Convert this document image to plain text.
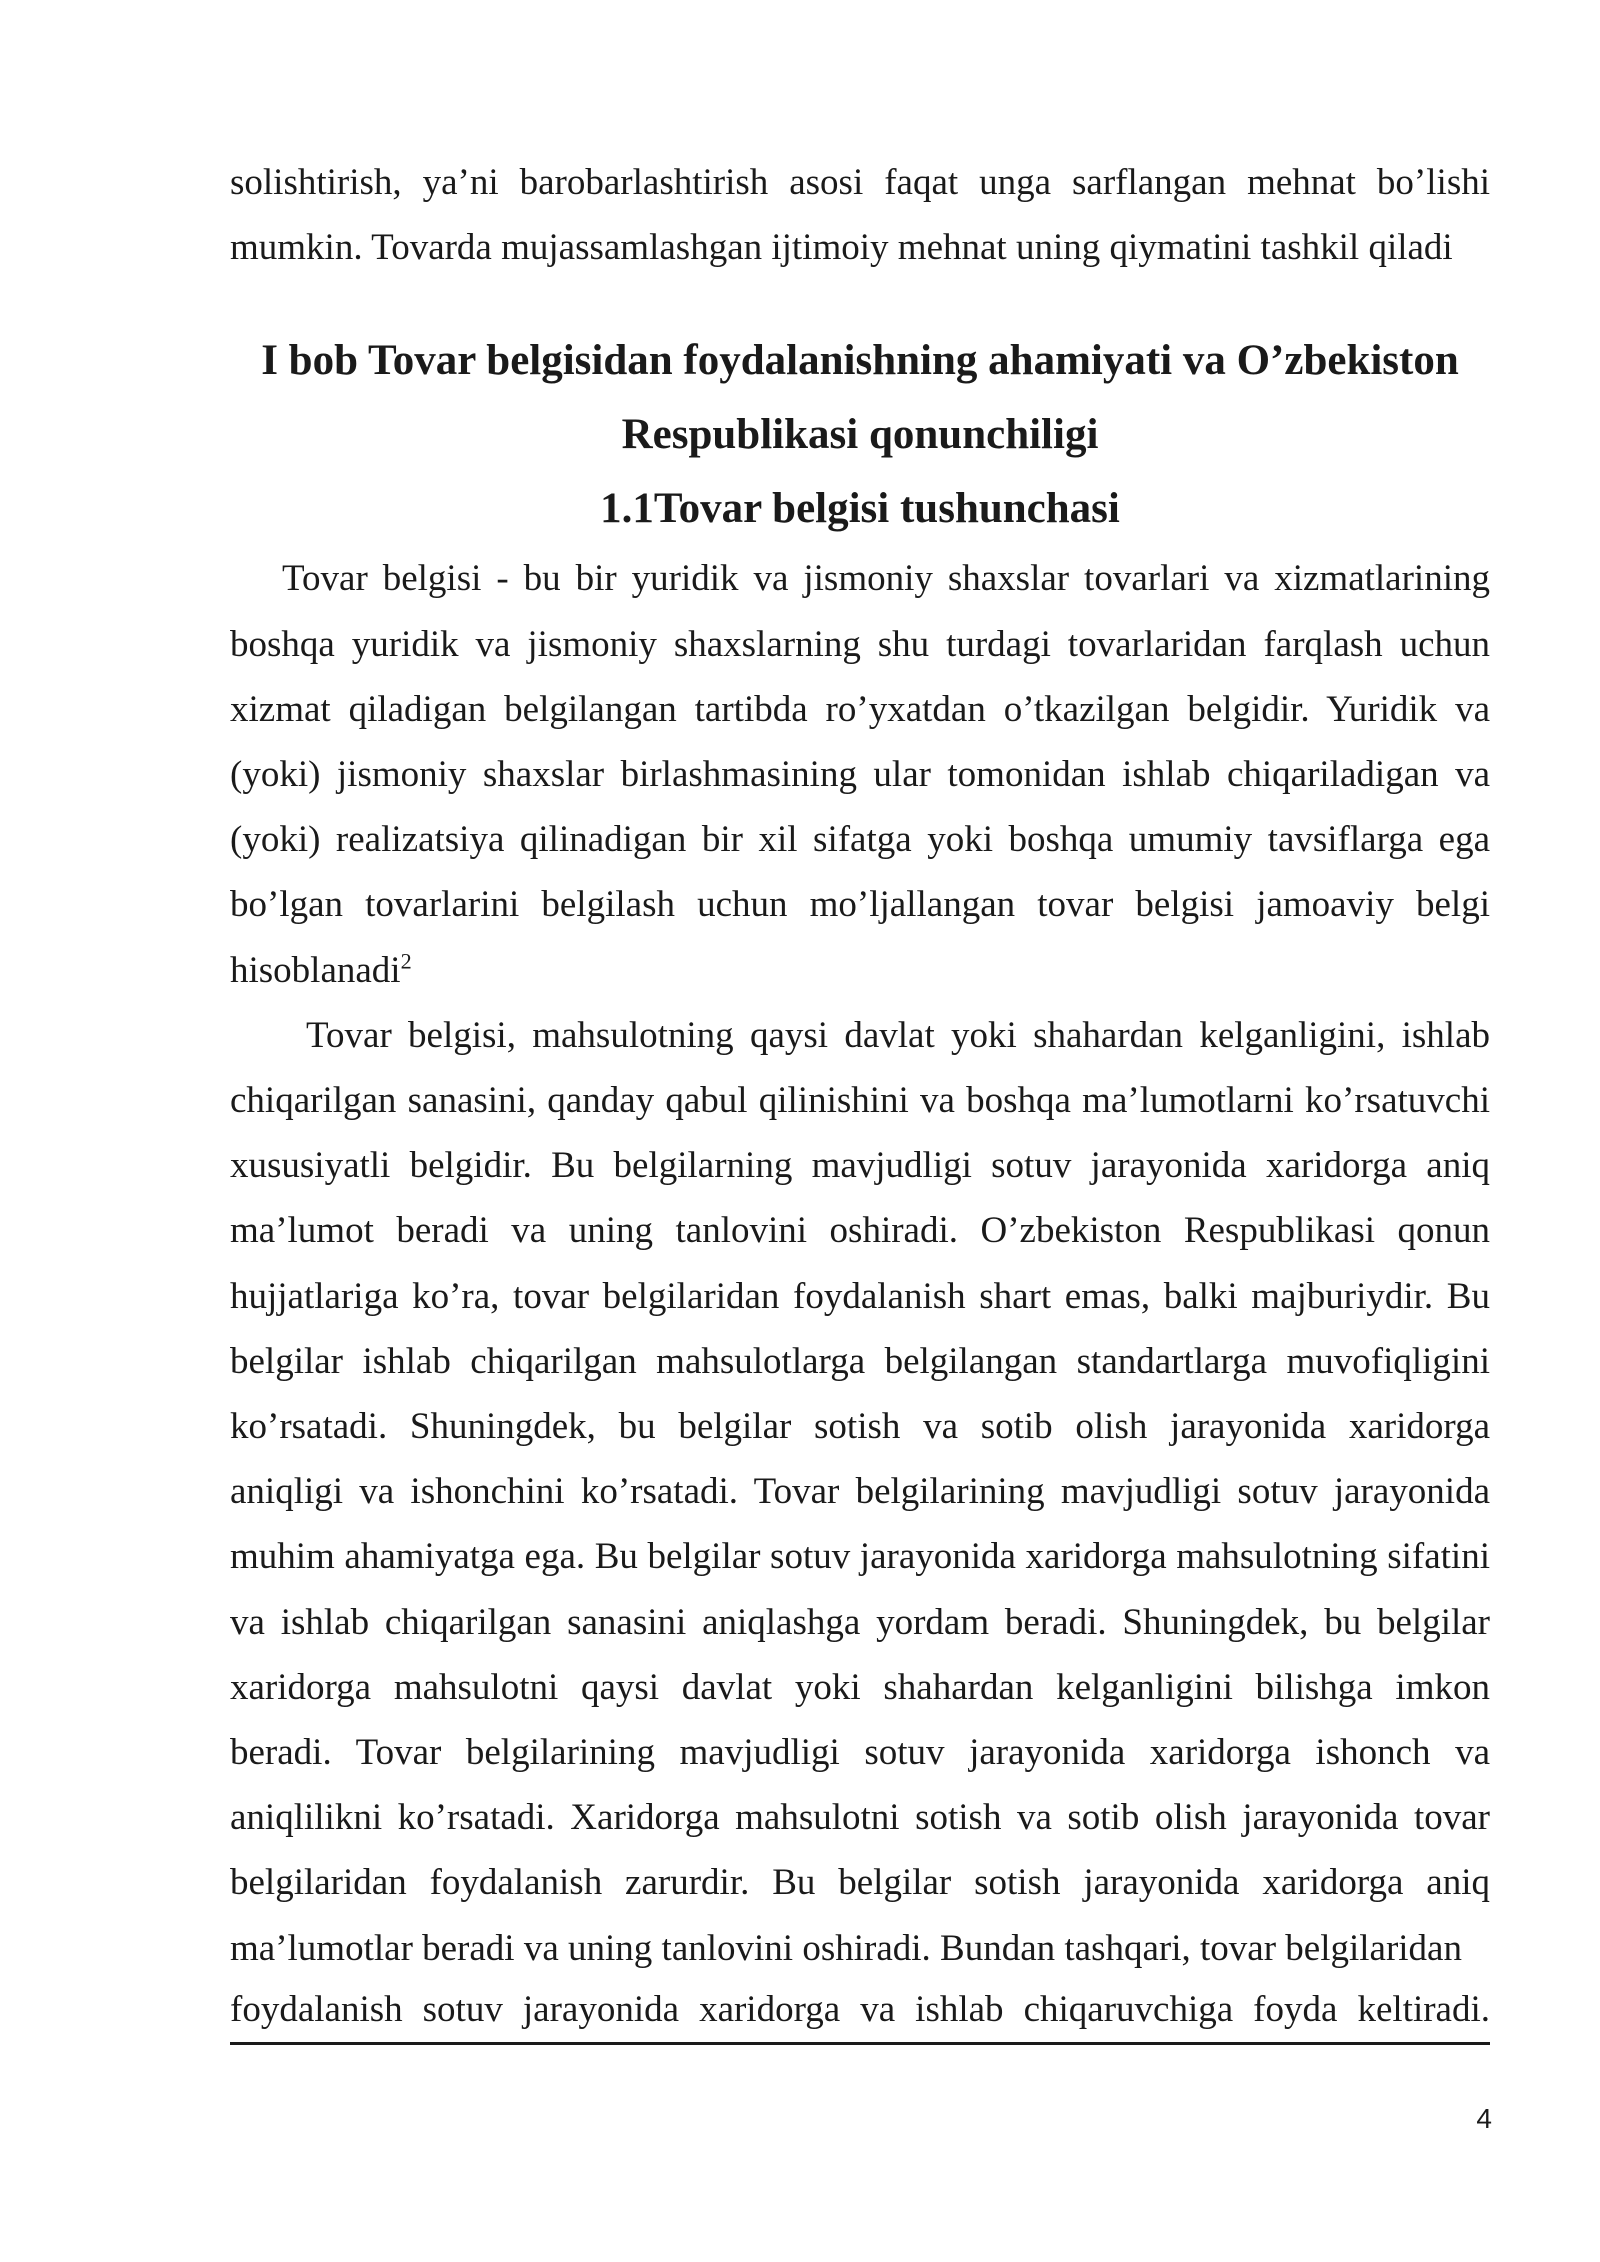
solishtirish, ya’ni barobarlashtirish asosi faqat unga sarflangan mehnat bo’lishi mumkin. Tovarda mujassamlashgan ijtimoiy mehnat uning qiymatini tashkil qiladi

I bob Tovar belgisidan foydalanishning ahamiyati va O’zbekiston Respublikasi qonunchiligi
1.1Tovar belgisi tushunchasi

Tovar belgisi - bu bir yuridik va jismoniy shaxslar tovarlari va xizmatlarining boshqa yuridik va jismoniy shaxslarning shu turdagi tovarlaridan farqlash uchun xizmat qiladigan belgilangan tartibda ro’yxatdan o’tkazilgan belgidir. Yuridik va (yoki) jismoniy shaxslar birlashmasining ular tomonidan ishlab chiqariladigan va (yoki) realizatsiya qilinadigan bir xil sifatga yoki boshqa umumiy tavsiflarga ega bo’lgan tovarlarini belgilash uchun mo’ljallangan tovar belgisi jamoaviy belgi hisoblanadi$^2$

Tovar belgisi, mahsulotning qaysi davlat yoki shahardan kelganligini, ishlab chiqarilgan sanasini, qanday qabul qilinishini va boshqa ma’lumotlarni ko’rsatuvchi xususiyatli belgidir. Bu belgilarning mavjudligi sotuv jarayonida xaridorga aniq ma’lumot beradi va uning tanlovini oshiradi. O’zbekiston Respublikasi qonun hujjatlariga ko’ra, tovar belgilaridan foydalanish shart emas, balki majburiydir. Bu belgilar ishlab chiqarilgan mahsulotlarga belgilangan standartlarga muvofiqligini ko’rsatadi. Shuningdek, bu belgilar sotish va sotib olish jarayonida xaridorga aniqligi va ishonchini ko’rsatadi. Tovar belgilarining mavjudligi sotuv jarayonida muhim ahamiyatga ega. Bu belgilar sotuv jarayonida xaridorga mahsulotning sifatini va ishlab chiqarilgan sanasini aniqlashga yordam beradi. Shuningdek, bu belgilar xaridorga mahsulotni qaysi davlat yoki shahardan kelganligini bilishga imkon beradi. Tovar belgilarining mavjudligi sotuv jarayonida xaridorga ishonch va aniqlilikni ko’rsatadi. Xaridorga mahsulotni sotish va sotib olish jarayonida tovar belgilaridan foydalanish zarurdir. Bu belgilar sotish jarayonida xaridorga aniq ma’lumotlar beradi va uning tanlovini oshiradi. Bundan tashqari, tovar belgilaridan

foydalanish sotuv jarayonida xaridorga va ishlab chiqaruvchiga foyda keltiradi.
4
